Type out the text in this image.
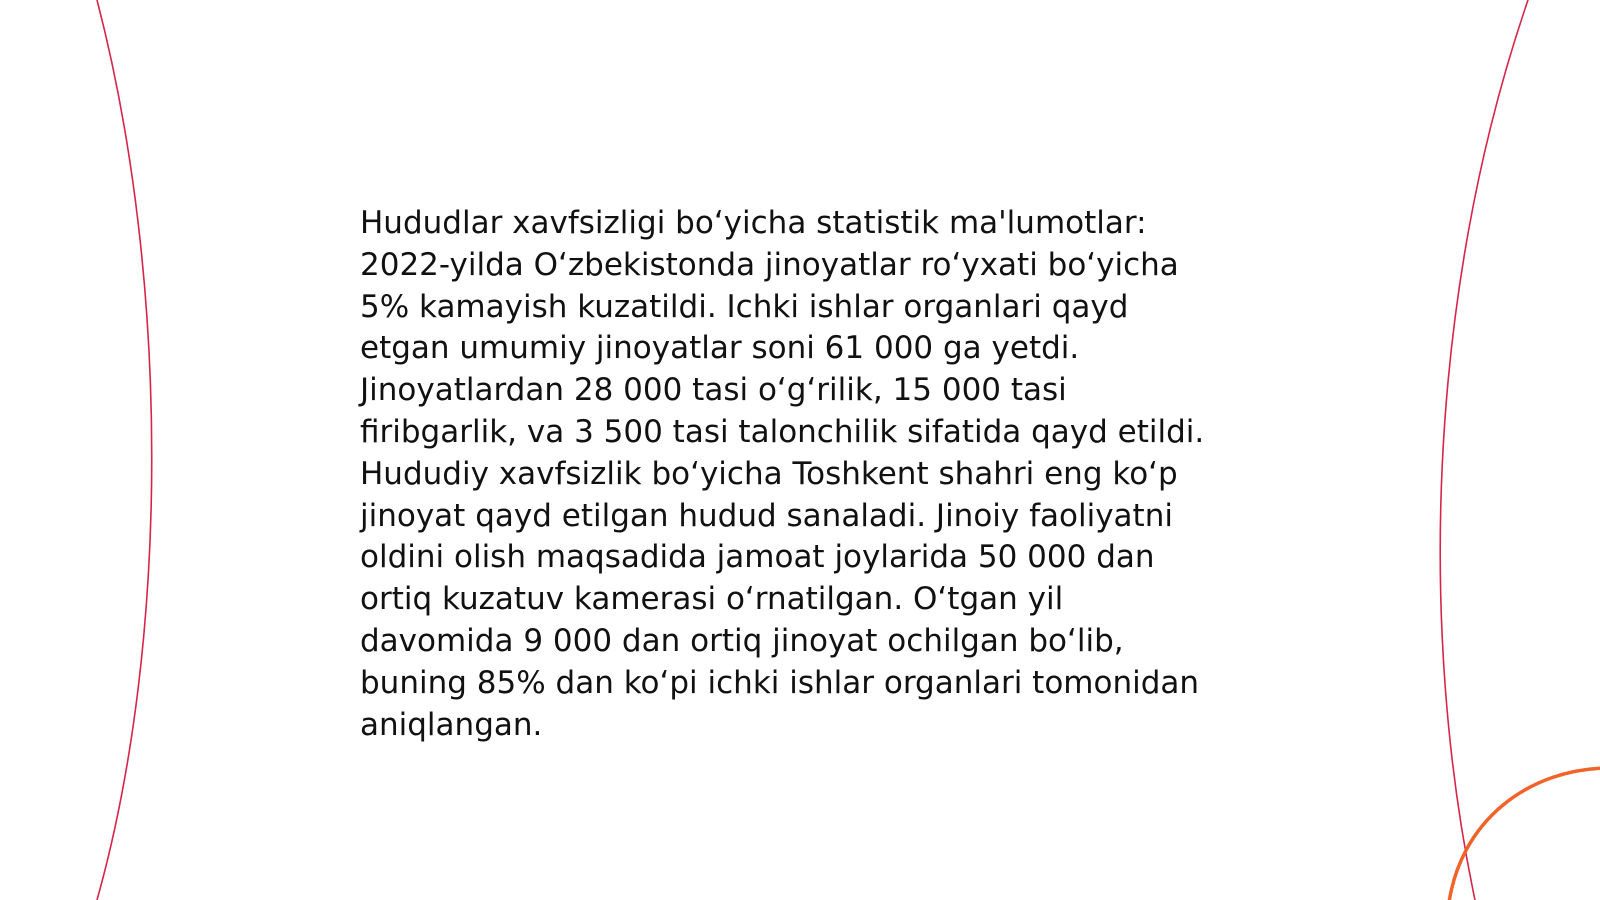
Hududlar xavfsizligi bo‘yicha statistik ma'lumotlar:
2022-yilda O‘zbekistonda jinoyatlar ro‘yxati bo‘yicha
5% kamayish kuzatildi. Ichki ishlar organlari qayd
etgan umumiy jinoyatlar soni 61 000 ga yetdi.
Jinoyatlardan 28 000 tasi o‘g‘rilik, 15 000 tasi
firibgarlik, va 3 500 tasi talonchilik sifatida qayd etildi.
Hududiy xavfsizlik bo‘yicha Toshkent shahri eng ko‘p
jinoyat qayd etilgan hudud sanaladi. Jinoiy faoliyatni
oldini olish maqsadida jamoat joylarida 50 000 dan
ortiq kuzatuv kamerasi o‘rnatilgan. O‘tgan yil
davomida 9 000 dan ortiq jinoyat ochilgan bo‘lib,
buning 85% dan ko‘pi ichki ishlar organlari tomonidan
aniqlangan.
